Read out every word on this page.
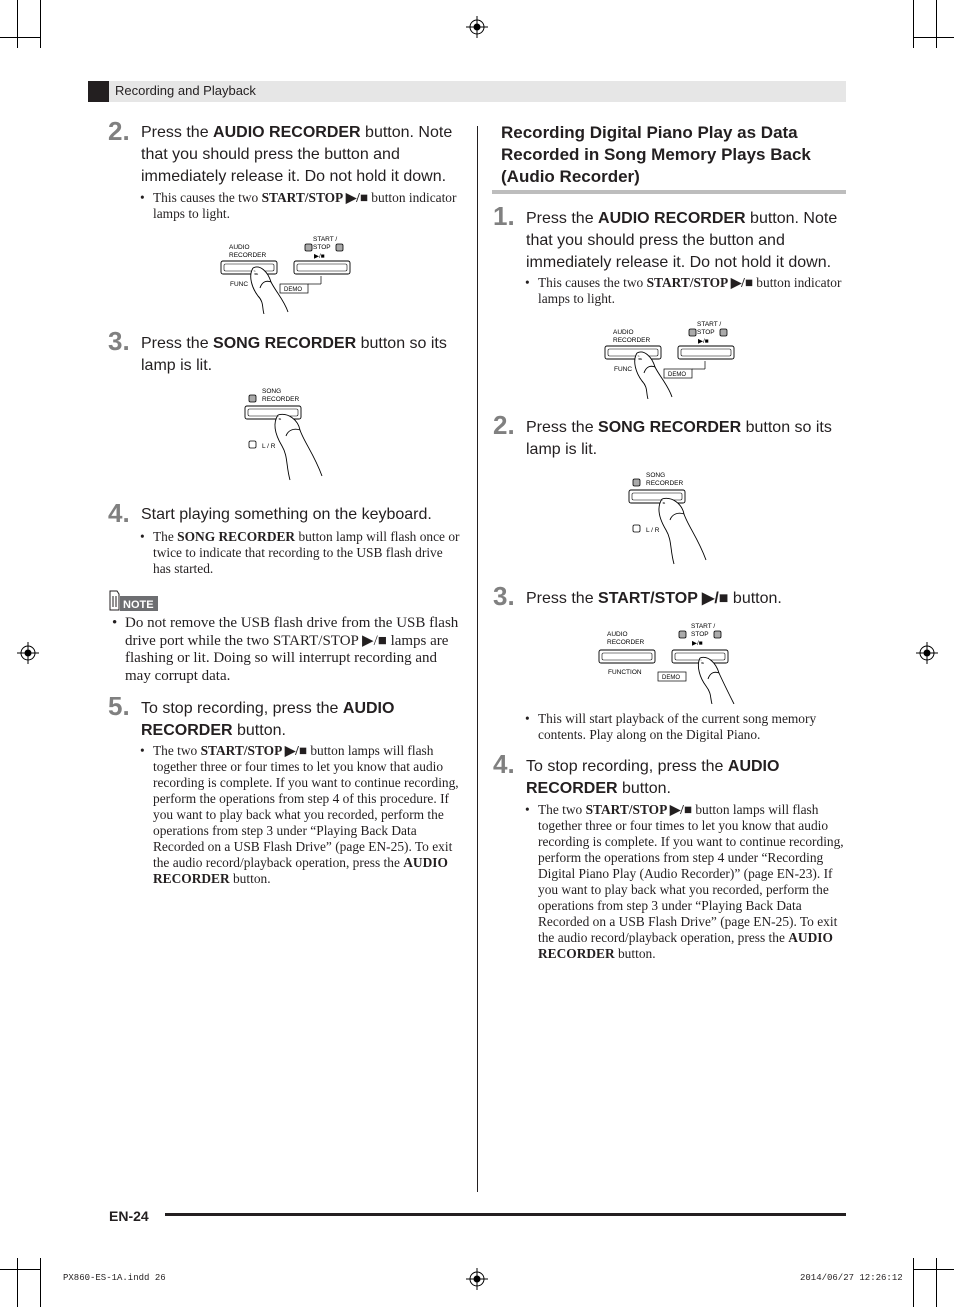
Recording and Playback
2. Press the AUDIO RECORDER button. Note that you should press the button and immediately release it. Do not hold it down.
• This causes the two START/STOP ▶/■ button indicator lamps to light.
AUDIO
RECORDER
START /
STOP
▶/■
FUNC
DEMO
3. Press the SONG RECORDER button so its lamp is lit.
SONG
RECORDER
L / R
4. Start playing something on the keyboard.
• The SONG RECORDER button lamp will flash once or twice to indicate that recording to the USB flash drive has started.
NOTE
• Do not remove the USB flash drive from the USB flash drive port while the two START/STOP ▶/■ lamps are flashing or lit. Doing so will interrupt recording and may corrupt data.
5. To stop recording, press the AUDIO RECORDER button.
• The two START/STOP ▶/■ button lamps will flash together three or four times to let you know that audio recording is complete. If you want to continue recording, perform the operations from step 4 of this procedure. If you want to play back what you recorded, perform the operations from step 3 under “Playing Back Data Recorded on a USB Flash Drive” (page EN-25). To exit the audio record/playback operation, press the AUDIO RECORDER button.
Recording Digital Piano Play as Data Recorded in Song Memory Plays Back (Audio Recorder)
1. Press the AUDIO RECORDER button. Note that you should press the button and immediately release it. Do not hold it down.
• This causes the two START/STOP ▶/■ button indicator lamps to light.
AUDIO
RECORDER
START /
STOP
▶/■
FUNC
DEMO
2. Press the SONG RECORDER button so its lamp is lit.
SONG
RECORDER
L / R
3. Press the START/STOP ▶/■ button.
AUDIO
RECORDER
START /
STOP
▶/■
FUNCTION
DEMO
• This will start playback of the current song memory contents. Play along on the Digital Piano.
4. To stop recording, press the AUDIO RECORDER button.
• The two START/STOP ▶/■ button lamps will flash together three or four times to let you know that audio recording is complete. If you want to continue recording, perform the operations from step 4 under “Recording Digital Piano Play (Audio Recorder)” (page EN-23). If you want to play back what you recorded, perform the operations from step 3 under “Playing Back Data Recorded on a USB Flash Drive” (page EN-25). To exit the audio record/playback operation, press the AUDIO RECORDER button.
EN-24
PX860-ES-1A.indd 26	2014/06/27 12:26:12
